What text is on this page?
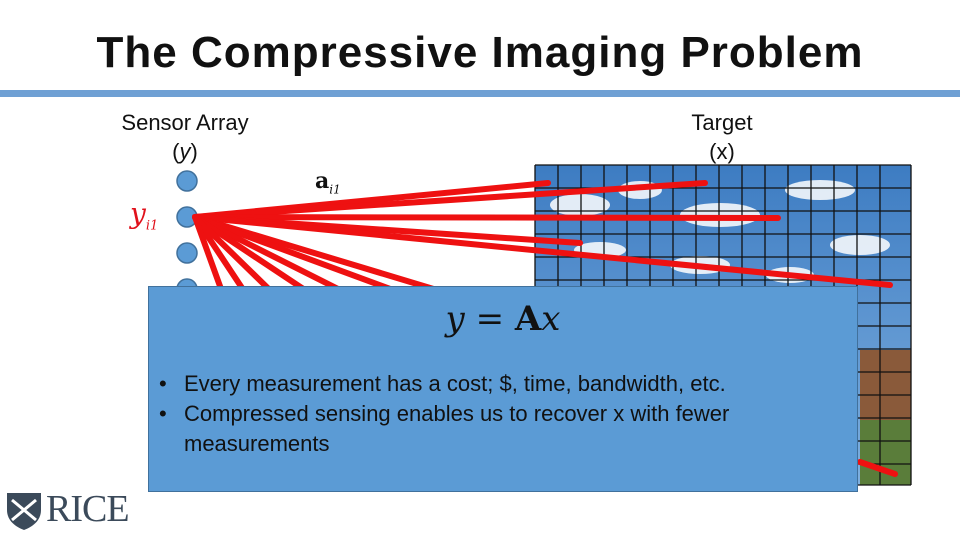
The Compressive Imaging Problem
Sensor Array
(y)
Target
(x)
$a_{i1}$
$y_{i1}$
y = Ax
• Every measurement has a cost; $, time, bandwidth, etc.
• Compressed sensing enables us to recover x with fewer measurements
RICE
